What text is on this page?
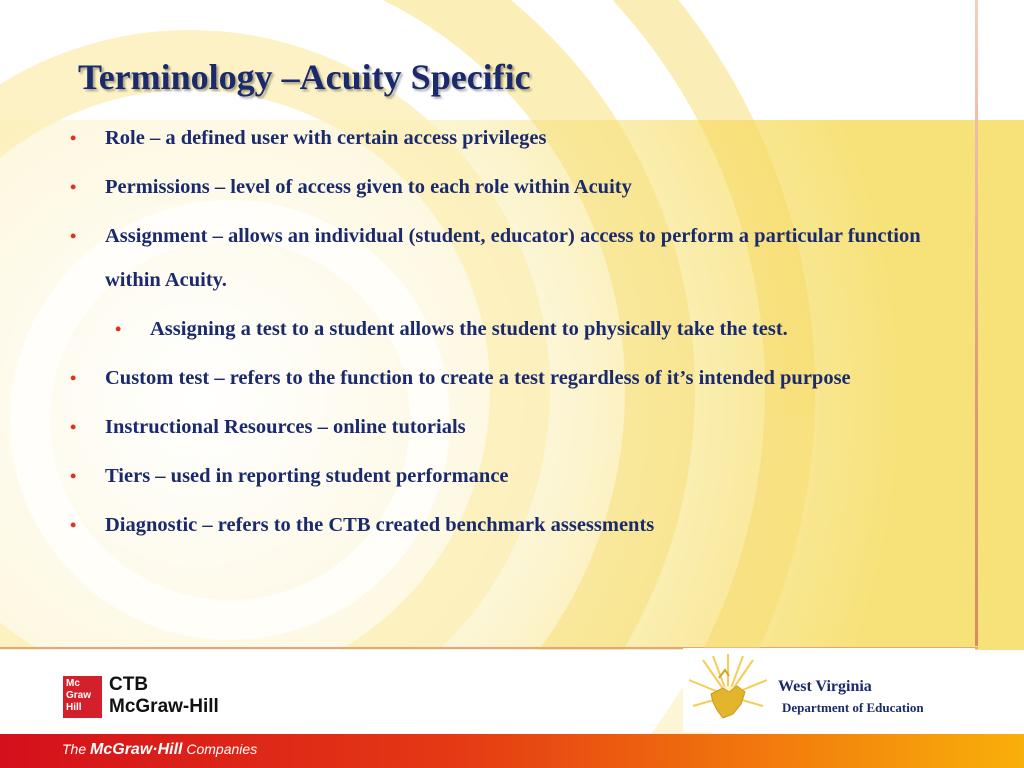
Terminology –Acuity Specific
• Role – a defined user with certain access privileges
• Permissions – level of access given to each role within Acuity
• Assignment – allows an individual (student, educator) access to perform a particular function within Acuity.
• Assigning a test to a student allows the student to physically take the test.
• Custom test – refers to the function to create a test regardless of it’s intended purpose
• Instructional Resources – online tutorials
• Tiers – used in reporting student performance
• Diagnostic – refers to the CTB created benchmark assessments
Mc
Graw
Hill
CTB
McGraw-Hill
West Virginia
Department of Education
The McGraw·Hill Companies
